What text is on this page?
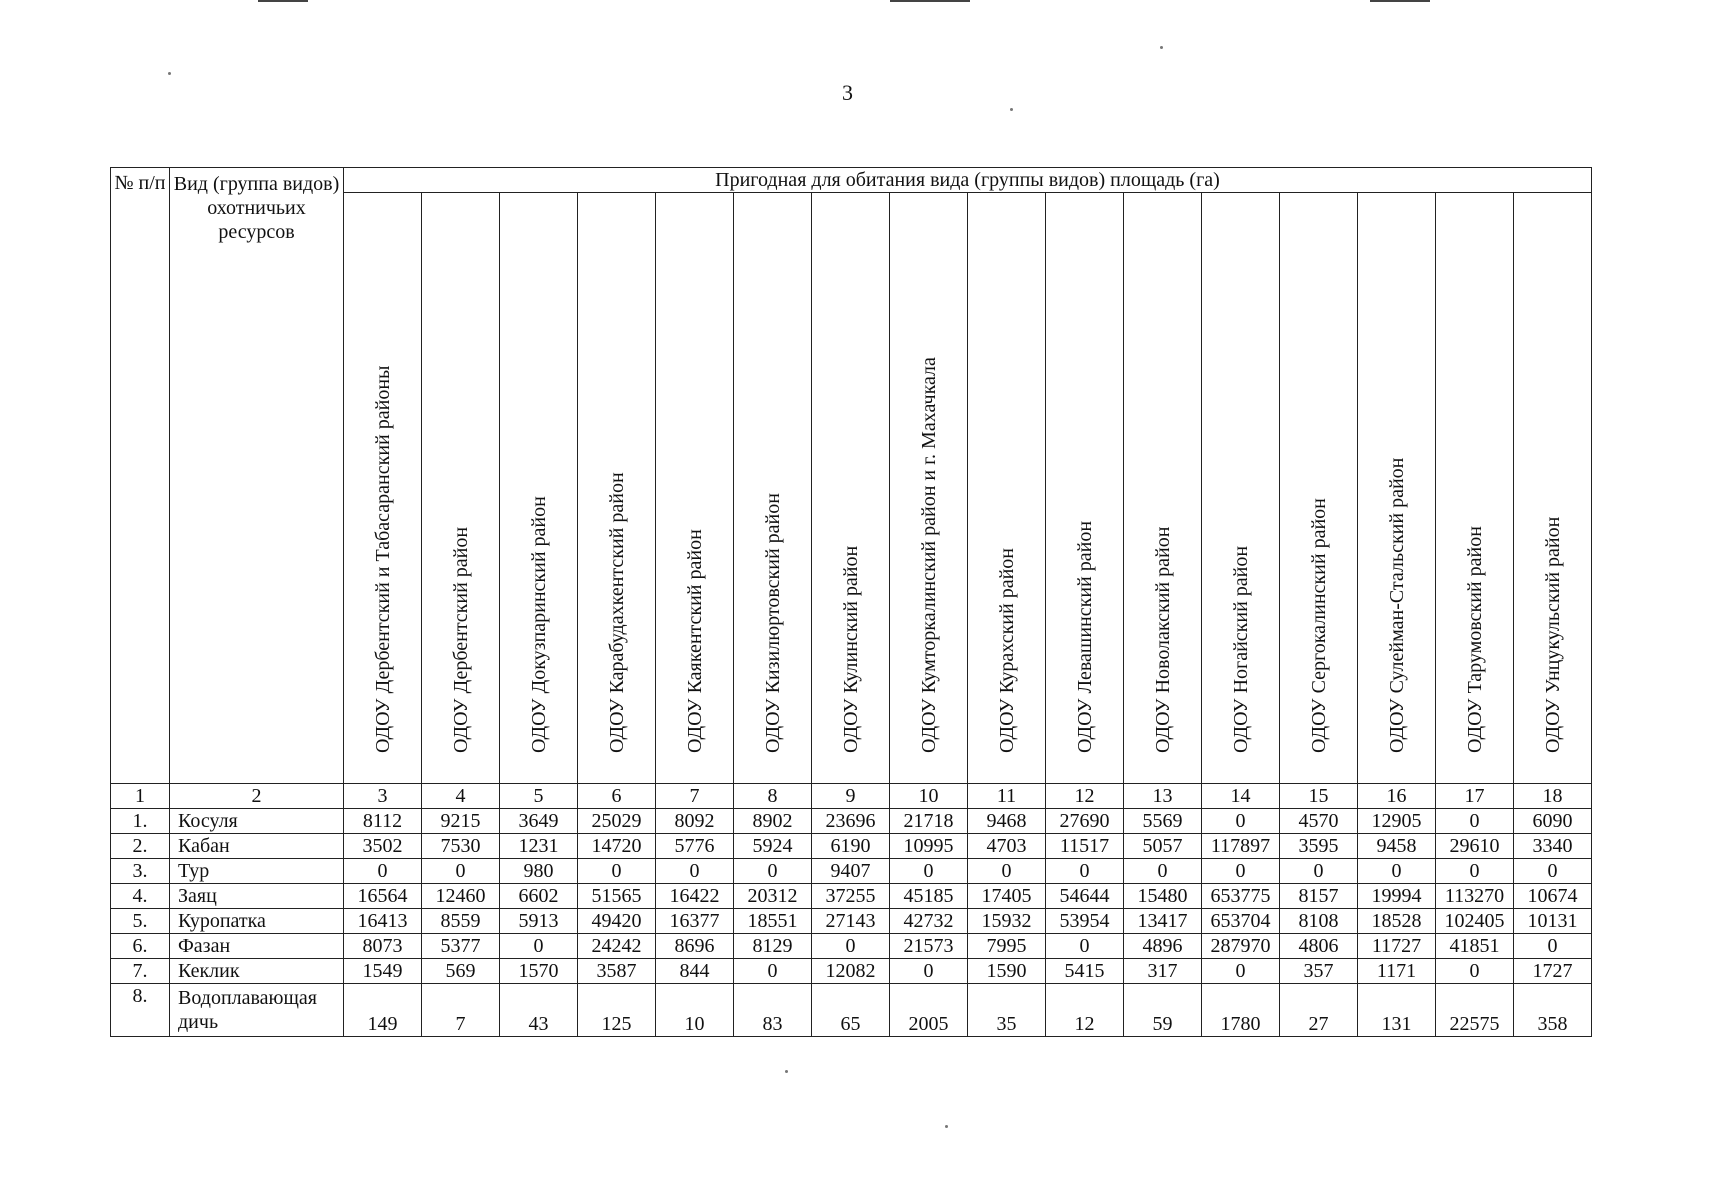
3
№ п/п	Вид (группа видов) охотничьих ресурсов	Пригодная для обитания вида (группы видов) площадь (га)															

		ОДОУ Дербентский и Табасаранский районы	ОДОУ Дербентский район	ОДОУ Докузпаринский район	ОДОУ Карабудахкентский район	ОДОУ Каякентский район	ОДОУ Кизилюртовский район	ОДОУ Кулинский район	ОДОУ Кумторкалинский район и г. Махачкала	ОДОУ Курахский район	ОДОУ Левашинский район	ОДОУ Новолакский район	ОДОУ Ногайский район	ОДОУ Сергокалинский район	ОДОУ Сулейман-Стальский район	ОДОУ Тарумовский район	ОДОУ Унцукульский район

1	2	3	4	5	6	7	8	9	10	11	12	13	14	15	16	17	18
1.	Косуля	8112	9215	3649	25029	8092	8902	23696	21718	9468	27690	5569	0	4570	12905	0	6090
2.	Кабан	3502	7530	1231	14720	5776	5924	6190	10995	4703	11517	5057	117897	3595	9458	29610	3340
3.	Тур	0	0	980	0	0	0	9407	0	0	0	0	0	0	0	0	0
4.	Заяц	16564	12460	6602	51565	16422	20312	37255	45185	17405	54644	15480	653775	8157	19994	113270	10674
5.	Куропатка	16413	8559	5913	49420	16377	18551	27143	42732	15932	53954	13417	653704	8108	18528	102405	10131
6.	Фазан	8073	5377	0	24242	8696	8129	0	21573	7995	0	4896	287970	4806	11727	41851	0
7.	Кеклик	1549	569	1570	3587	844	0	12082	0	1590	5415	317	0	357	1171	0	1727
8.	Водоплавающая дичь	149	7	43	125	10	83	65	2005	35	12	59	1780	27	131	22575	358
